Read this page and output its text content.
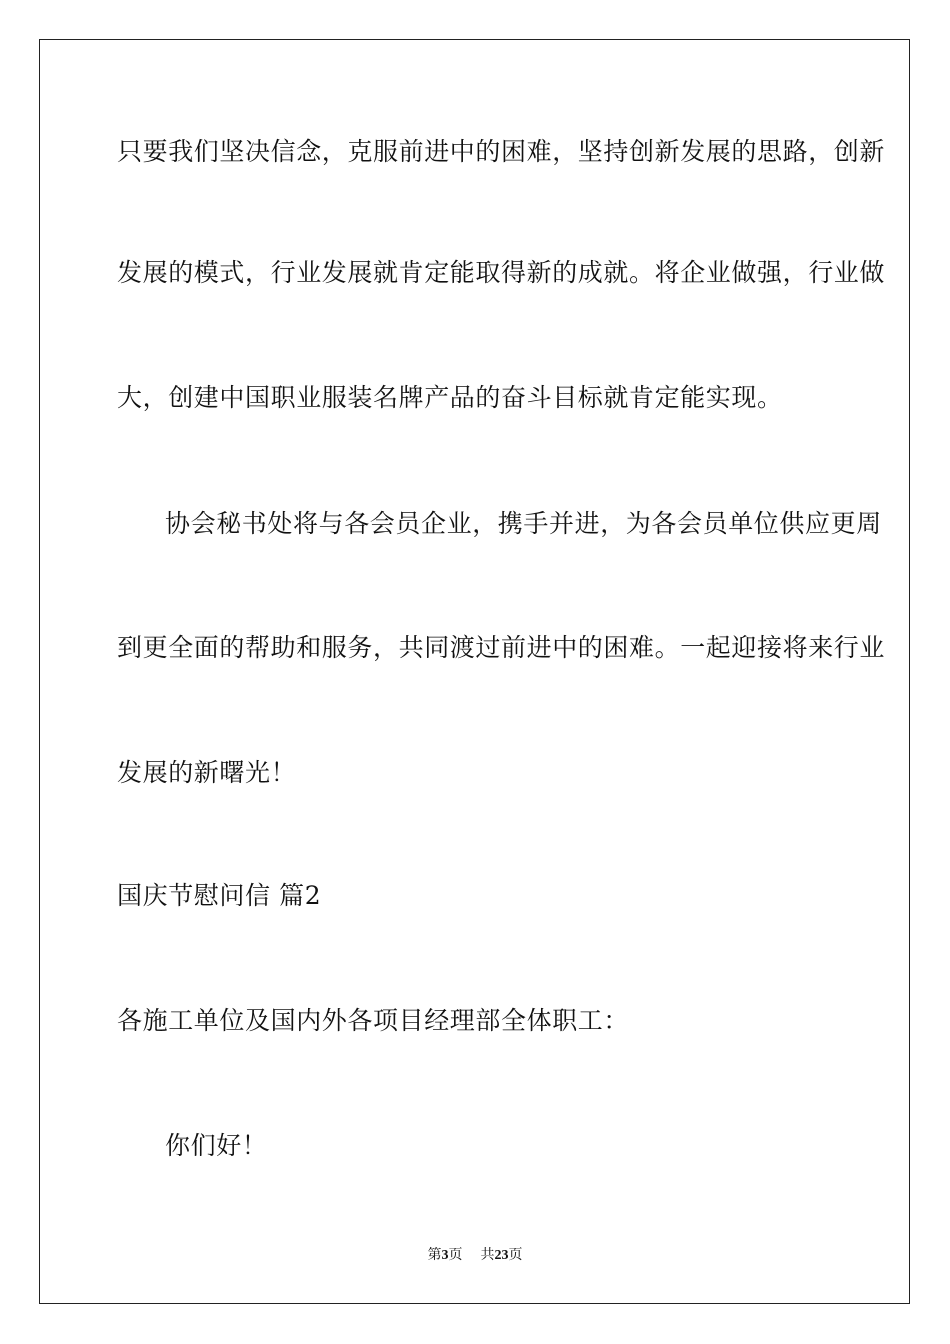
只要我们坚决信念，克服前进中的困难，坚持创新发展的思路，创新
发展的模式，行业发展就肯定能取得新的成就。将企业做强，行业做
大，创建中国职业服装名牌产品的奋斗目标就肯定能实现。
协会秘书处将与各会员企业，携手并进，为各会员单位供应更周
到更全面的帮助和服务，共同渡过前进中的困难。一起迎接将来行业
发展的新曙光！
国庆节慰问信 篇2
各施工单位及国内外各项目经理部全体职工：
你们好！
第3页 共23页
